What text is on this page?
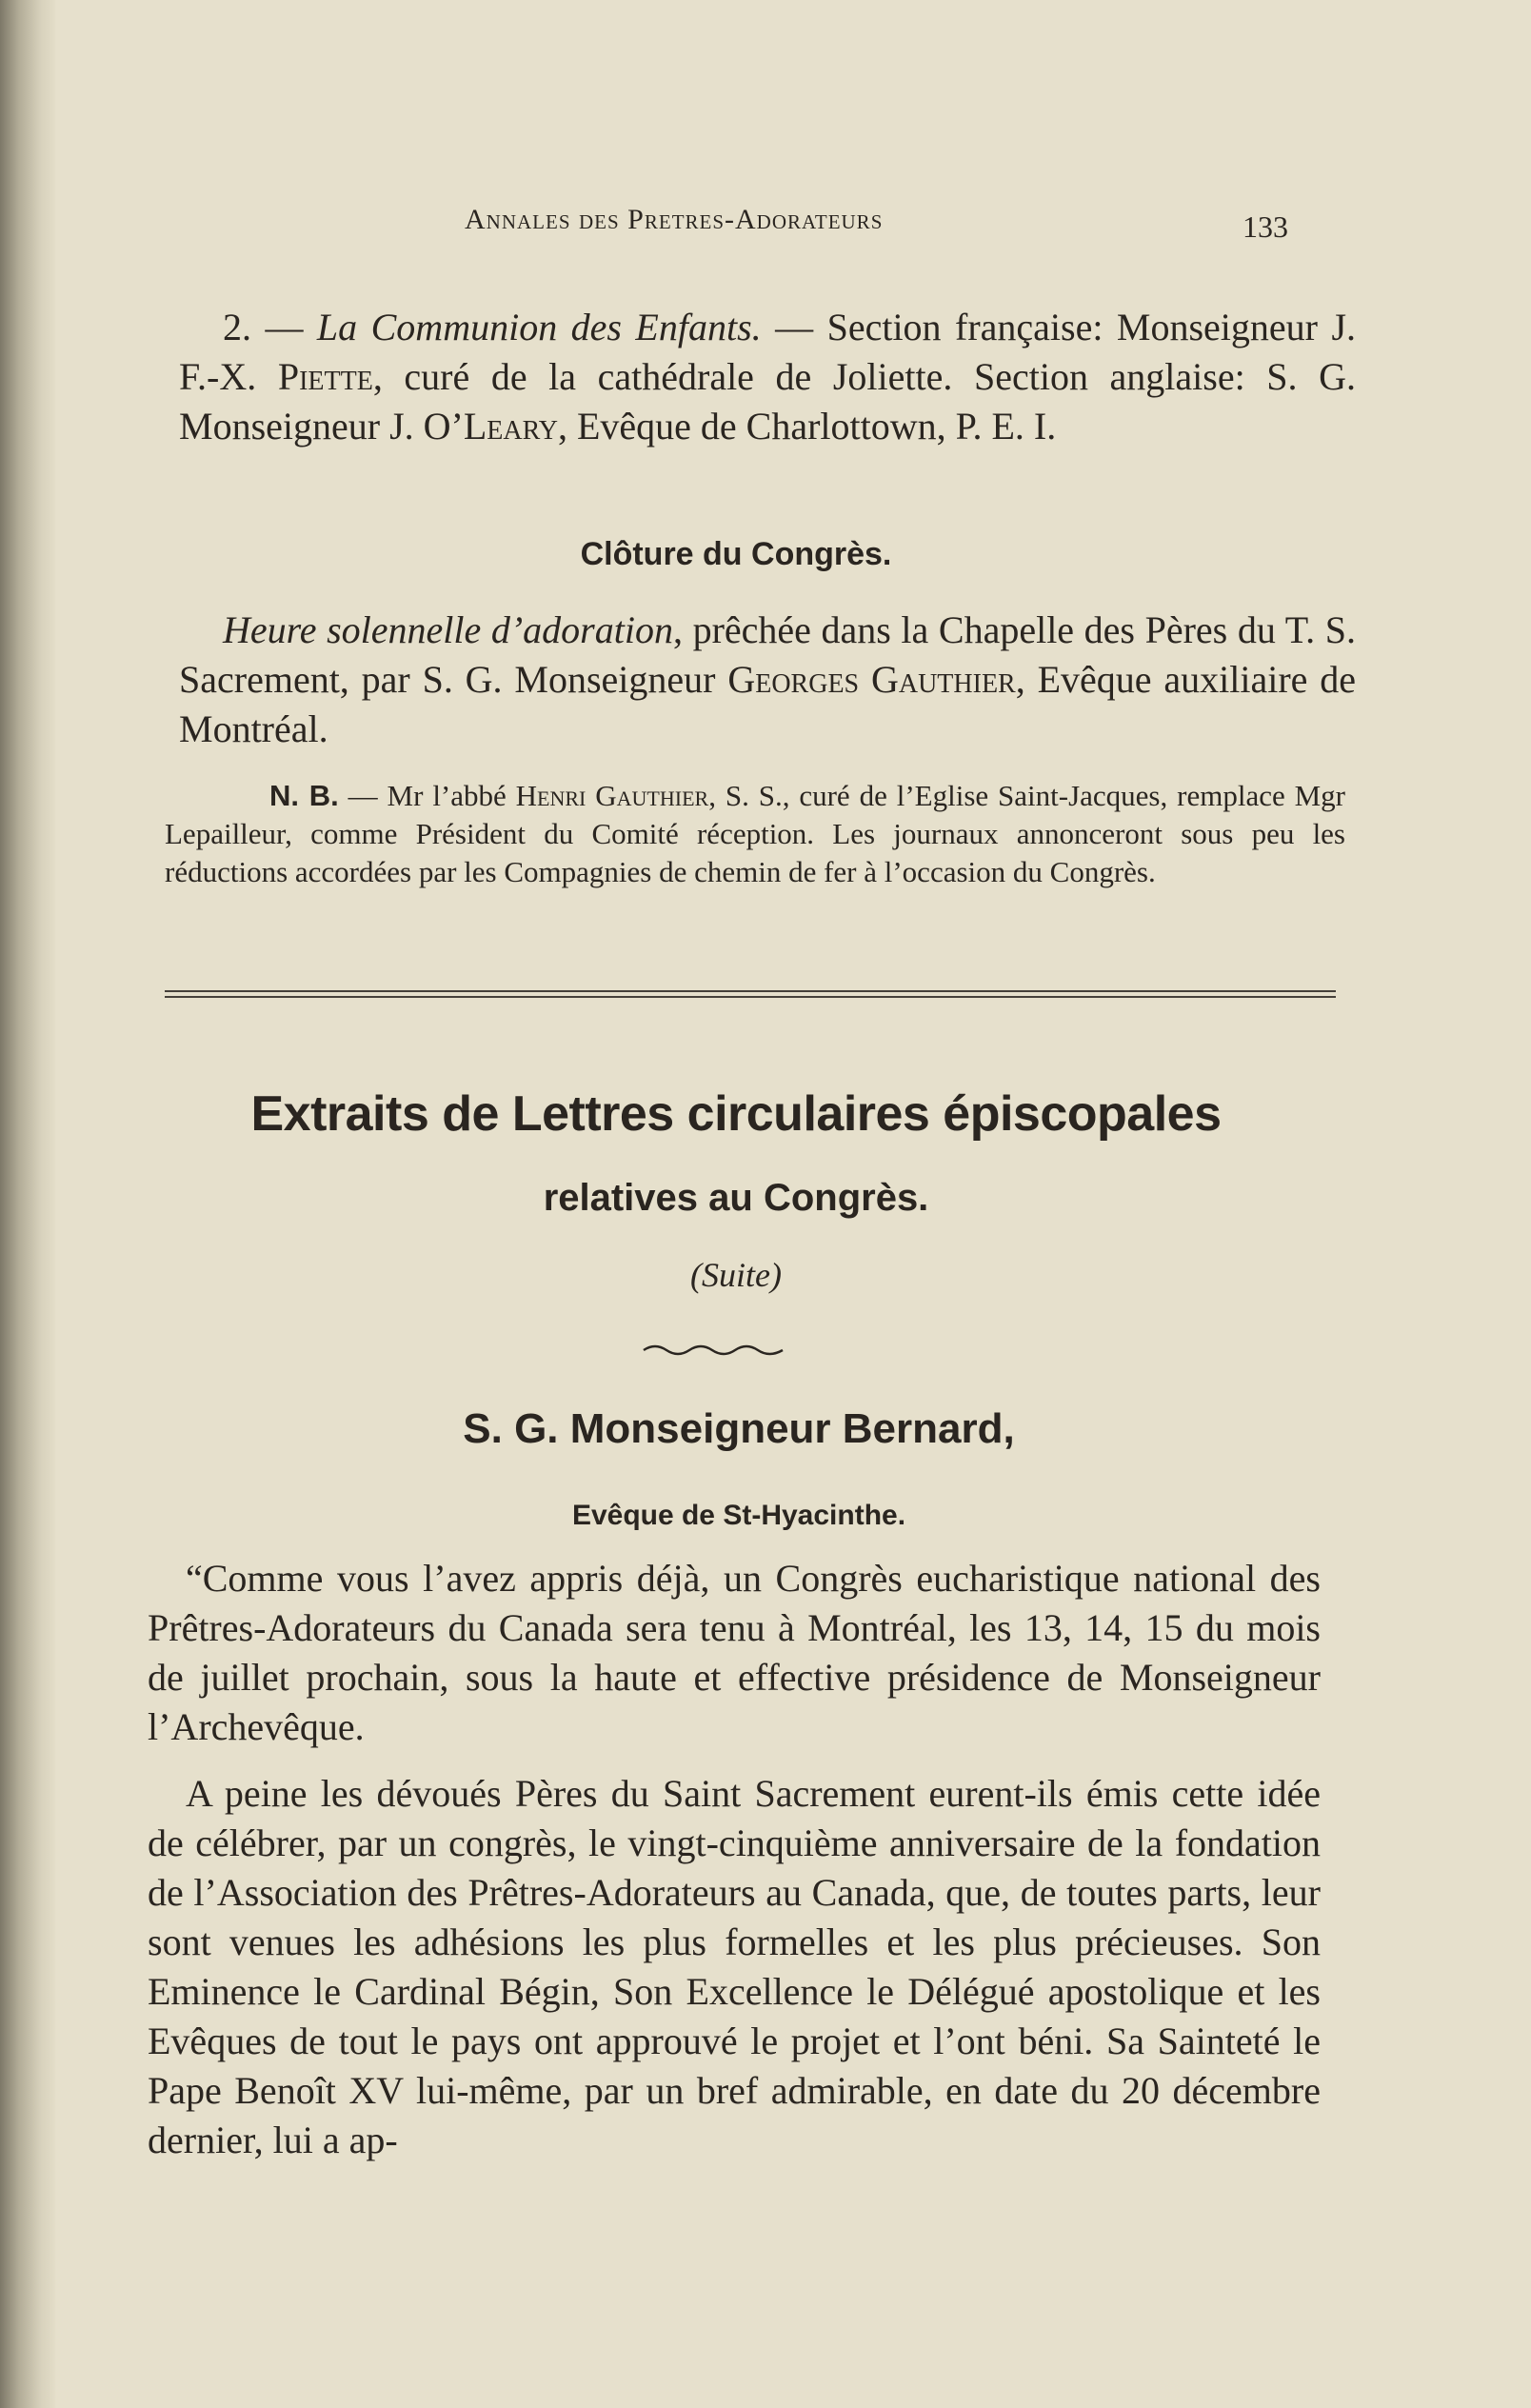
Annales des Pretres-Adorateurs	133

2. — La Communion des Enfants. — Section française: Monseigneur J. F.-X. Piette, curé de la cathédrale de Joliette. Section anglaise: S. G. Monseigneur J. O’Leary, Evêque de Charlottown, P. E. I.

Clôture du Congrès.

Heure solennelle d’adoration, prêchée dans la Chapelle des Pères du T. S. Sacrement, par S. G. Monseigneur Georges Gauthier, Evêque auxiliaire de Montréal.

N. B. — Mr l’abbé Henri Gauthier, S. S., curé de l’Eglise Saint-Jacques, remplace Mgr Lepailleur, comme Président du Comité réception. Les journaux annonceront sous peu les réductions accordées par les Compagnies de chemin de fer à l’occasion du Congrès.

Extraits de Lettres circulaires épiscopales
relatives au Congrès.
(Suite)
S. G. Monseigneur Bernard,
Evêque de St-Hyacinthe.

“Comme vous l’avez appris déjà, un Congrès eucharistique national des Prêtres-Adorateurs du Canada sera tenu à Montréal, les 13, 14, 15 du mois de juillet prochain, sous la haute et effective présidence de Monseigneur l’Archevêque.

A peine les dévoués Pères du Saint Sacrement eurent-ils émis cette idée de célébrer, par un congrès, le vingt-cinquième anniversaire de la fondation de l’Association des Prêtres-Adorateurs au Canada, que, de toutes parts, leur sont venues les adhésions les plus formelles et les plus précieuses. Son Eminence le Cardinal Bégin, Son Excellence le Délégué apostolique et les Evêques de tout le pays ont approuvé le projet et l’ont béni. Sa Sainteté le Pape Benoît XV lui-même, par un bref admirable, en date du 20 décembre dernier, lui a ap-
